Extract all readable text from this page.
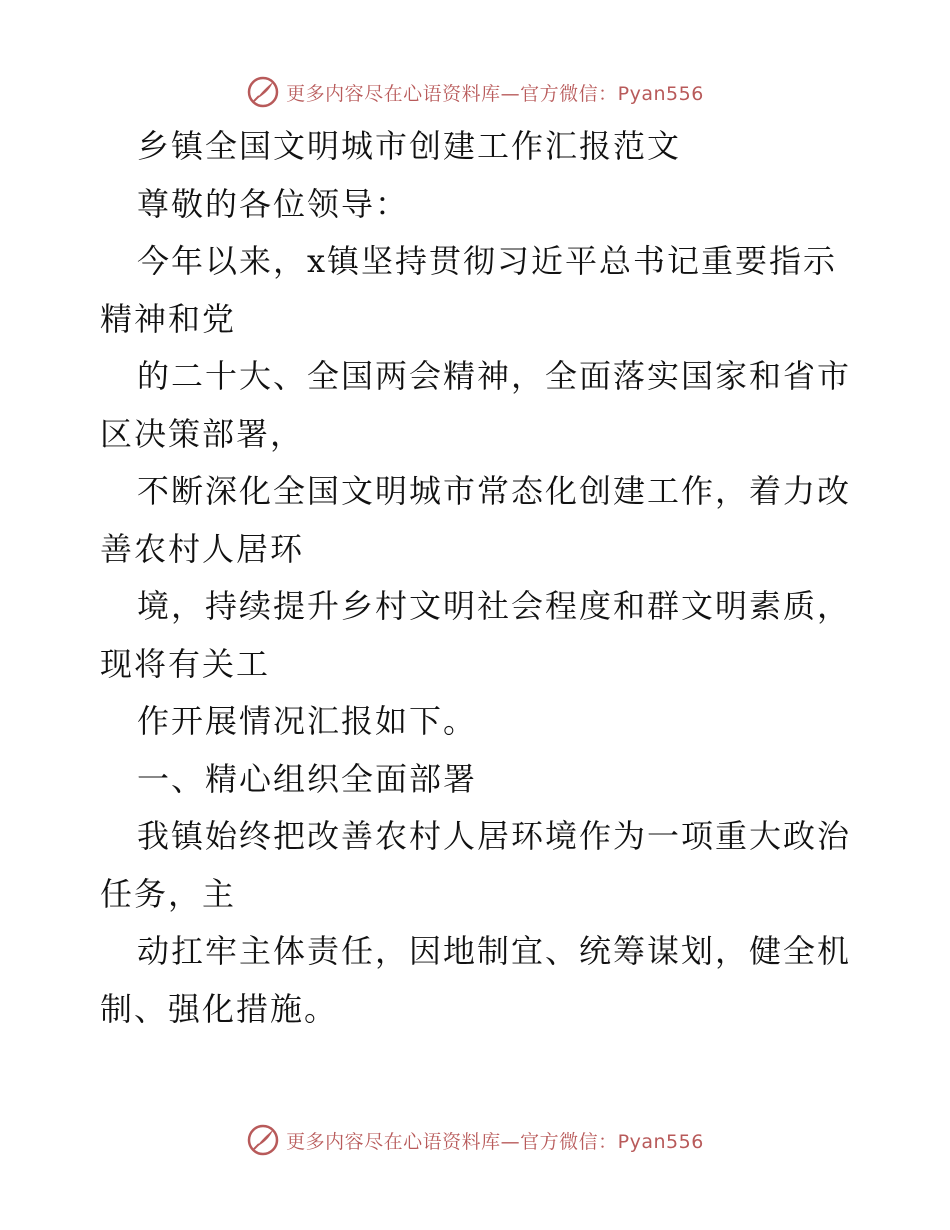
更多内容尽在心语资料库—官方微信：Pyan556

乡镇全国文明城市创建工作汇报范文

尊敬的各位领导：

今年以来，x镇坚持贯彻习近平总书记重要指示精神和党

的二十大、全国两会精神，全面落实国家和省市区决策部署，

不断深化全国文明城市常态化创建工作，着力改善农村人居环

境，持续提升乡村文明社会程度和群文明素质，现将有关工

作开展情况汇报如下。

一、精心组织全面部署

我镇始终把改善农村人居环境作为一项重大政治任务，主

动扛牢主体责任，因地制宜、统筹谋划，健全机制、强化措施。

更多内容尽在心语资料库—官方微信：Pyan556
